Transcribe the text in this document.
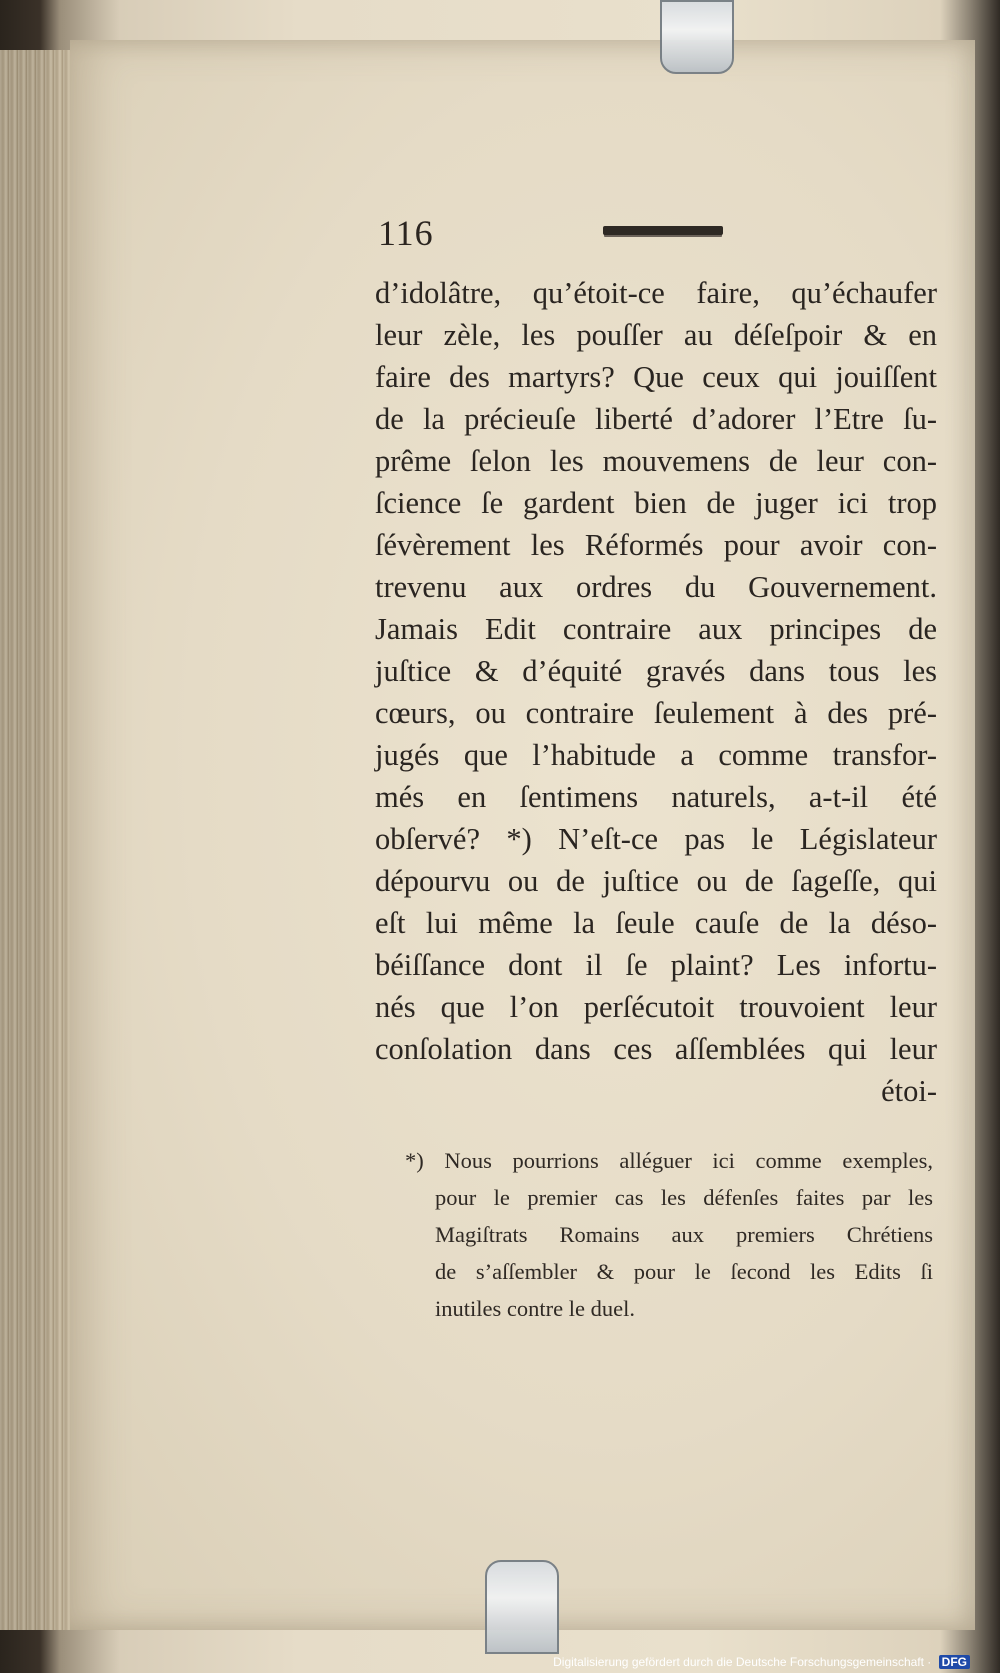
116
d’idolâtre, qu’étoit-ce faire, qu’échaufer
leur zèle, les pouſſer au déſeſpoir & en
faire des martyrs? Que ceux qui jouiſſent
de la précieuſe liberté d’adorer l’Etre ſu-
prême ſelon les mouvemens de leur con-
ſcience ſe gardent bien de juger ici trop
ſévèrement les Réformés pour avoir con-
trevenu aux ordres du Gouvernement.
Jamais Edit contraire aux principes de
juſtice & d’équité gravés dans tous les
cœurs, ou contraire ſeulement à des pré-
jugés que l’habitude a comme transfor-
més en ſentimens naturels, a-t-il été
obſervé? *) N’eſt-ce pas le Législateur
dépourvu ou de juſtice ou de ſageſſe, qui
eſt lui même la ſeule cauſe de la déso-
béiſſance dont il ſe plaint? Les infortu-
nés que l’on perſécutoit trouvoient leur
conſolation dans ces aſſemblées qui leur
étoi-
*) Nous pourrions alléguer ici comme exemples,
pour le premier cas les défenſes faites par les
Magiſtrats Romains aux premiers Chrétiens
de s’aſſembler & pour le ſecond les Edits ſi
inutiles contre le duel.
Digitalisierung gefördert durch die Deutsche Forschungsgemeinschaft · DFG
